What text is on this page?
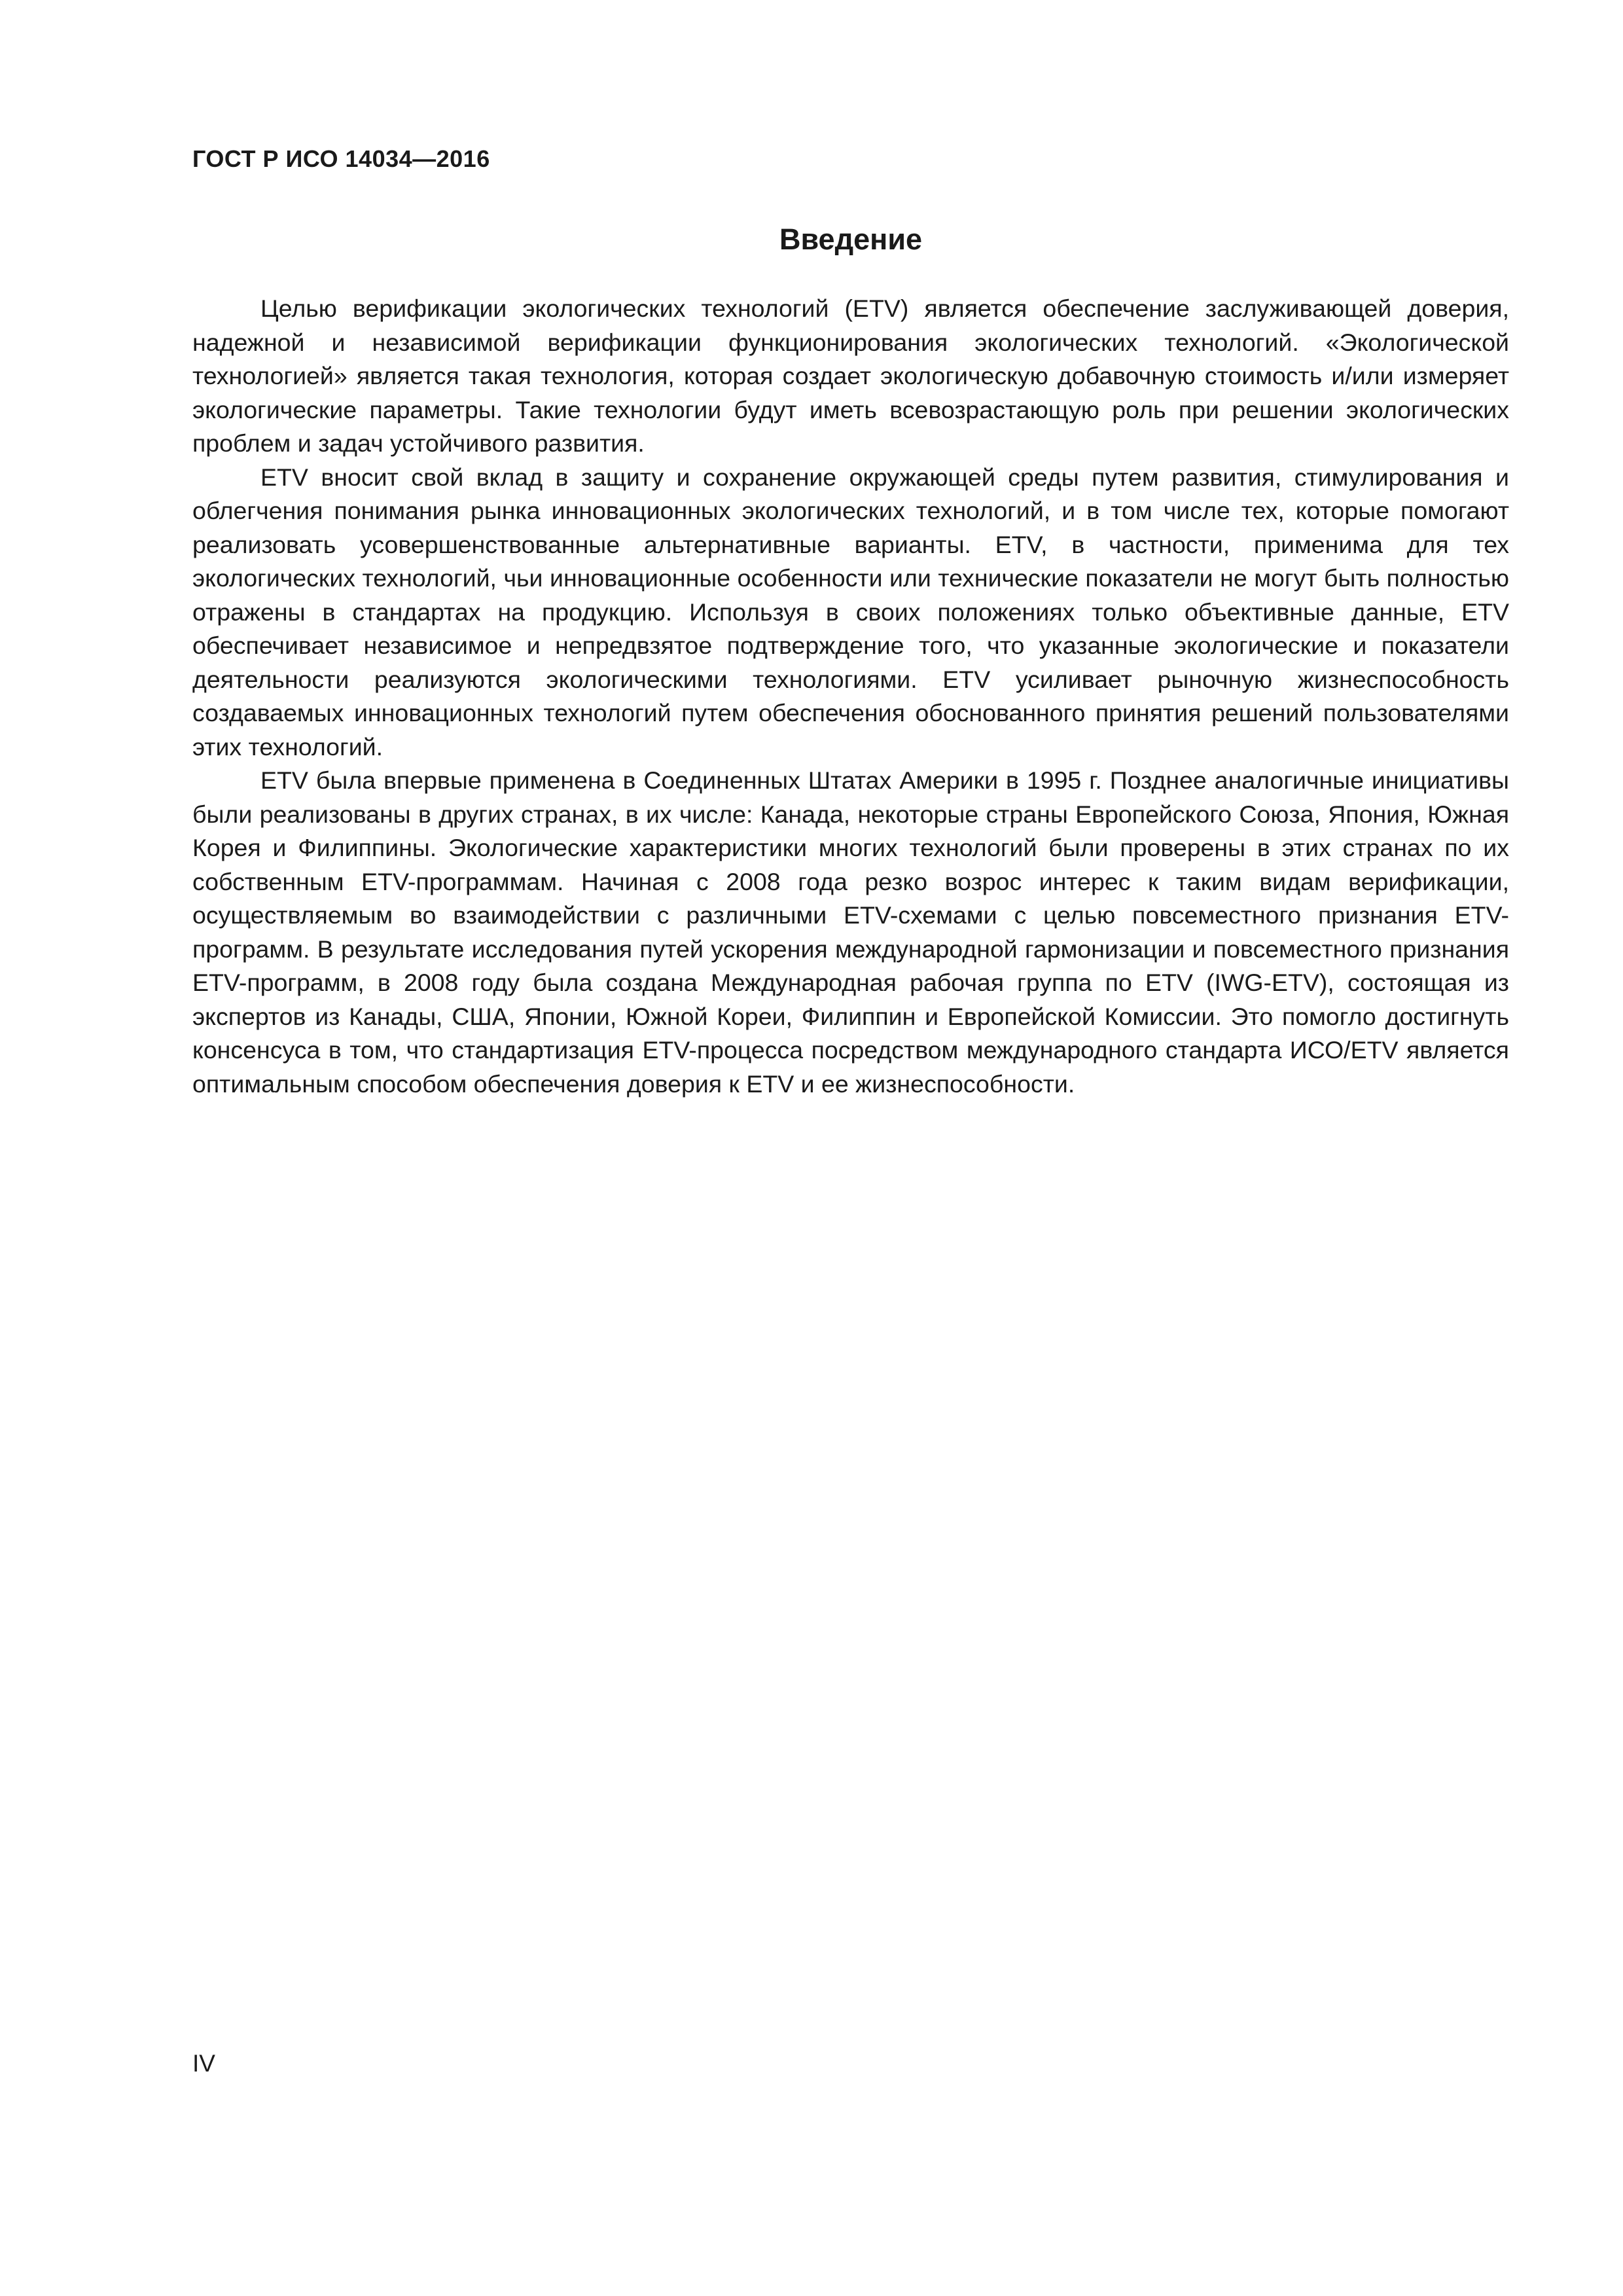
ГОСТ Р ИСО 14034—2016

Введение

Целью верификации экологических технологий (ETV) является обеспечение заслуживающей доверия, надежной и независимой верификации функционирования экологических технологий. «Экологической технологией» является такая технология, которая создает экологическую добавочную стоимость и/или измеряет экологические параметры. Такие технологии будут иметь всевозрастающую роль при решении экологических проблем и задач устойчивого развития.

ETV вносит свой вклад в защиту и сохранение окружающей среды путем развития, стимулирования и облегчения понимания рынка инновационных экологических технологий, и в том числе тех, которые помогают реализовать усовершенствованные альтернативные варианты. ETV, в частности, применима для тех экологических технологий, чьи инновационные особенности или технические показатели не могут быть полностью отражены в стандартах на продукцию. Используя в своих положениях только объективные данные, ETV обеспечивает независимое и непредвзятое подтверждение того, что указанные экологические и показатели деятельности реализуются экологическими технологиями. ETV усиливает рыночную жизнеспособность создаваемых инновационных технологий путем обеспечения обоснованного принятия решений пользователями этих технологий.

ETV была впервые применена в Соединенных Штатах Америки в 1995 г. Позднее аналогичные инициативы были реализованы в других странах, в их числе: Канада, некоторые страны Европейского Союза, Япония, Южная Корея и Филиппины. Экологические характеристики многих технологий были проверены в этих странах по их собственным ETV-программам. Начиная с 2008 года резко возрос интерес к таким видам верификации, осуществляемым во взаимодействии с различными ETV-схемами с целью повсеместного признания ETV-программ. В результате исследования путей ускорения международной гармонизации и повсеместного признания ETV-программ, в 2008 году была создана Международная рабочая группа по ETV (IWG-ETV), состоящая из экспертов из Канады, США, Японии, Южной Кореи, Филиппин и Европейской Комиссии. Это помогло достигнуть консенсуса в том, что стандартизация ETV-процесса посредством международного стандарта ИСО/ETV является оптимальным способом обеспечения доверия к ETV и ее жизнеспособности.

IV
